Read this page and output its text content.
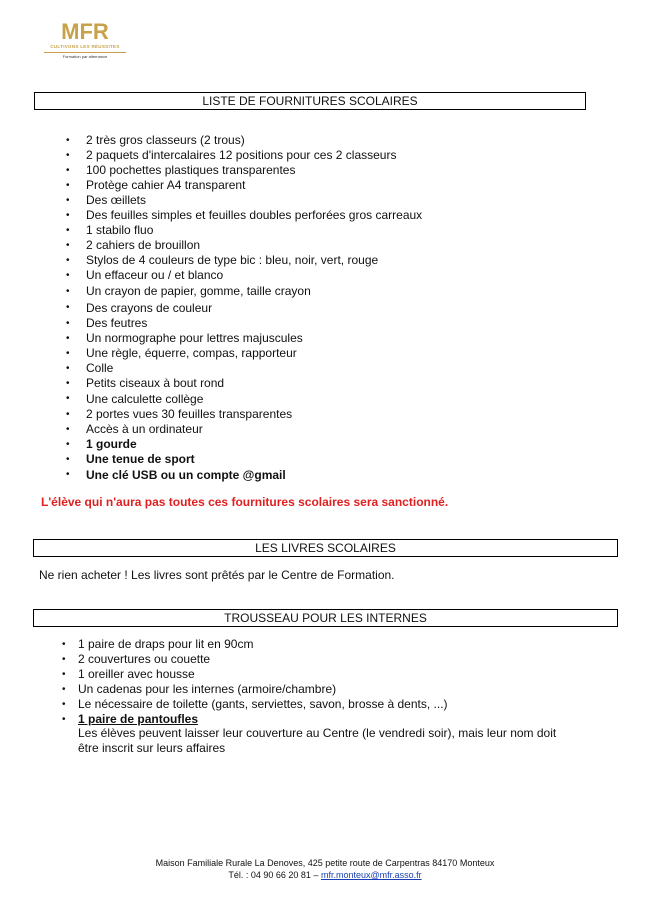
MFR
CULTIVONS LES RÉUSSITES
Formation par alternance
LISTE DE FOURNITURES SCOLAIRES
• 2 très gros classeurs (2 trous)
• 2 paquets d'intercalaires 12 positions pour ces 2 classeurs
• 100 pochettes plastiques transparentes
• Protège cahier A4 transparent
• Des œillets
• Des feuilles simples et feuilles doubles perforées gros carreaux
• 1 stabilo fluo
• 2 cahiers de brouillon
• Stylos de 4 couleurs de type bic : bleu, noir, vert, rouge
• Un effaceur ou / et blanco
• Un crayon de papier, gomme, taille crayon
• Des crayons de couleur
• Des feutres
• Un normographe pour lettres majuscules
• Une règle, équerre, compas, rapporteur
• Colle
• Petits ciseaux à bout rond
• Une calculette collège
• 2 portes vues 30 feuilles transparentes
• Accès à un ordinateur
• 1 gourde
• Une tenue de sport
• Une clé USB ou un compte @gmail
L'élève qui n'aura pas toutes ces fournitures scolaires sera sanctionné.
LES LIVRES SCOLAIRES
Ne rien acheter ! Les livres sont prêtés par le Centre de Formation.
TROUSSEAU POUR LES INTERNES
• 1 paire de draps pour lit en 90cm
• 2 couvertures ou couette
• 1 oreiller avec housse
• Un cadenas pour les internes (armoire/chambre)
• Le nécessaire de toilette (gants, serviettes, savon, brosse à dents, ...)
• 1 paire de pantoufles
Les élèves peuvent laisser leur couverture au Centre (le vendredi soir), mais leur nom doit
être inscrit sur leurs affaires
Maison Familiale Rurale La Denoves, 425 petite route de Carpentras 84170 Monteux
Tél. : 04 90 66 20 81 – mfr.monteux@mfr.asso.fr
